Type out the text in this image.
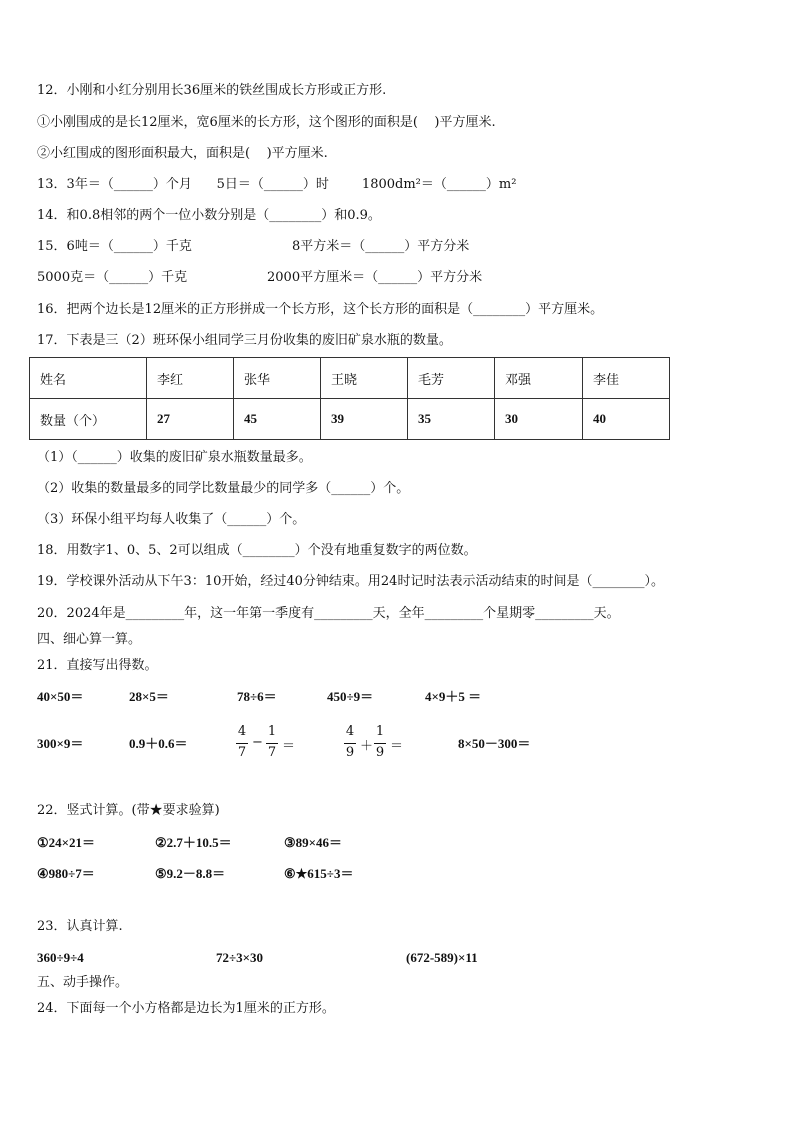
12．小刚和小红分别用长36厘米的铁丝围成长方形或正方形.
①小刚围成的是长12厘米，宽6厘米的长方形，这个图形的面积是(    )平方厘米.
②小红围成的图形面积最大，面积是(    )平方厘米.
13．3年＝（______）个月      5日＝（______）时        1800dm²＝（______）m²
14．和0.8相邻的两个一位小数分别是（________）和0.9。
15．6吨＝（______）千克	8平方米＝（______）平方分米
5000克＝（______）千克	2000平方厘米＝（______）平方分米
16．把两个边长是12厘米的正方形拼成一个长方形，这个长方形的面积是（________）平方厘米。
17．下表是三（2）班环保小组同学三月份收集的废旧矿泉水瓶的数量。
姓名	李红	张华	王晓	毛芳	邓强	李佳
数量（个）	27	45	39	35	30	40
（1）（______）收集的废旧矿泉水瓶数量最多。
（2）收集的数量最多的同学比数量最少的同学多（______）个。
（3）环保小组平均每人收集了（______）个。
18．用数字1、0、5、2可以组成（________）个没有地重复数字的两位数。
19．学校课外活动从下午3：10开始，经过40分钟结束。用24时记时法表示活动结束的时间是（________）。
20．2024年是_________年，这一年第一季度有_________天，全年_________个星期零_________天。
四、细心算一算。
21．直接写出得数。
40×50＝	28×5＝	78÷6＝	450÷9＝	4×9＋5 ＝
300×9＝	0.9＋0.6＝
4
7
−
1
7 ＝
4
9 ＋
1
9 ＝	8×50－300＝
22．竖式计算。(带★要求验算)
①24×21＝	②2.7＋10.5＝	③89×46＝
④980÷7＝	⑤9.2－8.8＝	⑥★615÷3＝
23．认真计算.
360÷9÷4	72÷3×30	(672-589)×11
五、动手操作。
24．下面每一个小方格都是边长为1厘米的正方形。
